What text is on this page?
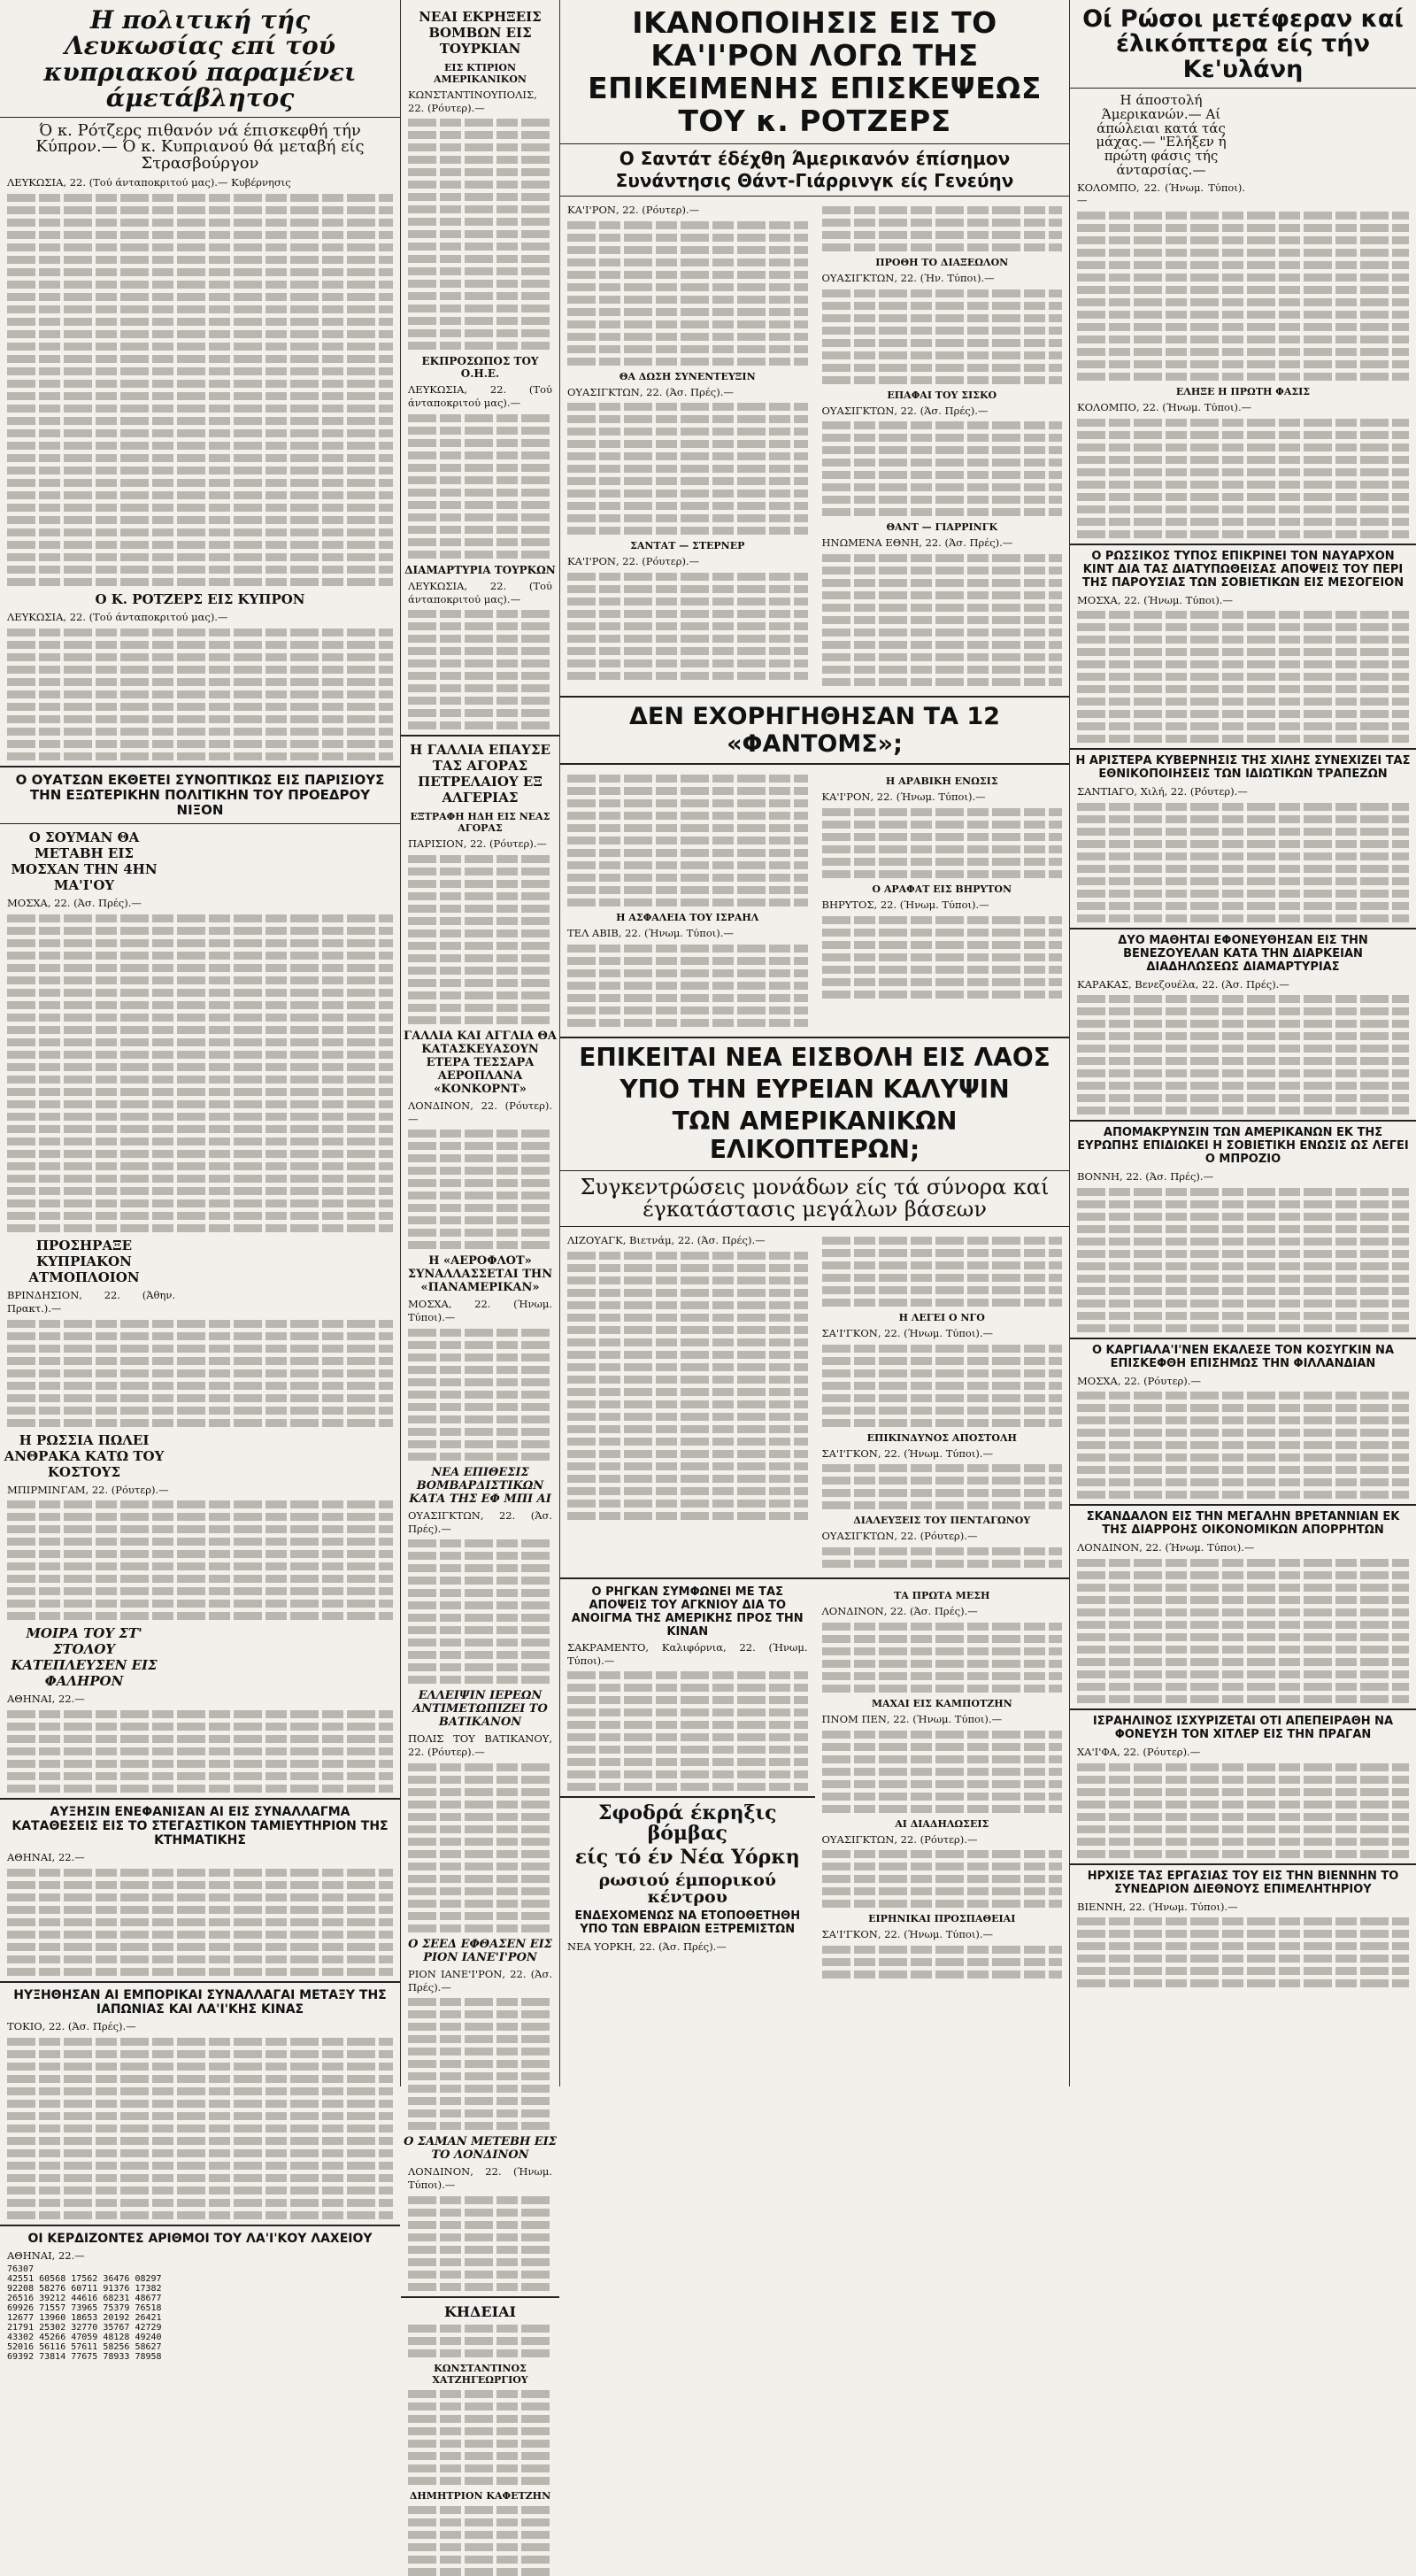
Η πολιτική τής Λευκωσίας επί τού κυπριακού παραμένει άμετάβλητος
Ό κ. Ρότζερς πιθανόν νά έπισκεφθή τήν Κύπρον.— Ό κ. Κυπριανού θά μεταβή είς Στρασβούργον
ΛΕΥΚΩΣΙΑ, 22. (Τού άνταποκριτού μας).— Κυβέρνησις
Ο Κ. ΡΟΤΖΕΡΣ ΕΙΣ ΚΥΠΡΟΝ
ΛΕΥΚΩΣΙΑ, 22. (Τού άνταποκριτού μας).—
Ο ΟΥΑΤΣΩΝ ΕΚΘΕΤΕΙ ΣΥΝΟΠΤΙΚΩΣ ΕΙΣ ΠΑΡΙΣΙΟΥΣ ΤΗΝ ΕΞΩΤΕΡΙΚΗΝ ΠΟΛΙΤΙΚΗΝ ΤΟΥ ΠΡΟΕΔΡΟΥ ΝΙΞΟΝ
Ο ΣΟΥΜΑΝ ΘΑ ΜΕΤΑΒΗ ΕΙΣ ΜΟΣΧΑΝ ΤΗΝ 4ΗΝ ΜΑ'Ι'ΟΥ
ΜΟΣΧΑ, 22. (Άσ. Πρές).—
ΠΡΟΣΗΡΑΞΕ ΚΥΠΡΙΑΚΟΝ ΑΤΜΟΠΛΟΙΟΝ
ΒΡΙΝΔΗΣΙΟΝ, 22. (Άθην. Πρακτ.).—
Η ΡΩΣΣΙΑ ΠΩΛΕΙ ΑΝΘΡΑΚΑ ΚΑΤΩ ΤΟΥ ΚΟΣΤΟΥΣ
ΜΠΙΡΜΙΝΓΑΜ, 22. (Ρόυτερ).—
ΜΟΙΡΑ ΤΟΥ ΣΤ' ΣΤΟΛΟΥ ΚΑΤΕΠΛΕΥΣΕΝ ΕΙΣ ΦΑΛΗΡΟΝ
ΑΘΗΝΑΙ, 22.—
ΑΥΞΗΣΙΝ ΕΝΕΦΑΝΙΣΑΝ ΑΙ ΕΙΣ ΣΥΝΑΛΛΑΓΜΑ ΚΑΤΑΘΕΣΕΙΣ ΕΙΣ ΤΟ ΣΤΕΓΑΣΤΙΚΟΝ ΤΑΜΙΕΥΤΗΡΙΟΝ ΤΗΣ ΚΤΗΜΑΤΙΚΗΣ
ΑΘΗΝΑΙ, 22.—
ΗΥΞΗΘΗΣΑΝ ΑΙ ΕΜΠΟΡΙΚΑΙ ΣΥΝΑΛΛΑΓΑΙ ΜΕΤΑΞΥ ΤΗΣ ΙΑΠΩΝΙΑΣ ΚΑΙ ΛΑ'Ι'ΚΗΣ ΚΙΝΑΣ
ΤΟΚΙΟ, 22. (Άσ. Πρές).—
ΟΙ ΚΕΡΔΙΖΟΝΤΕΣ ΑΡΙΘΜΟΙ ΤΟΥ ΛΑ'Ι'ΚΟΥ ΛΑΧΕΙΟΥ
ΑΘΗΝΑΙ, 22.—
76307				
42551	60568	17562	36476	08297
92208	58276	60711	91376	17382
26516	39212	44616	68231	48677
69926	71557	73965	75379	76518
12677	13960	18653	20192	26421
21791	25302	32770	35767	42729
43302	45266	47059	48128	49240
52016	56116	57611	58256	58627
69392	73814	77675	78933	78958
ΝΕΑΙ ΕΚΡΗΞΕΙΣ ΒΟΜΒΩΝ ΕΙΣ ΤΟΥΡΚΙΑΝ
ΕΙΣ ΚΤΙΡΙΟΝ ΑΜΕΡΙΚΑΝΙΚΟΝ
ΚΩΝΣΤΑΝΤΙΝΟΥΠΟΛΙΣ, 22. (Ρόυτερ).—
ΕΚΠΡΟΣΩΠΟΣ ΤΟΥ Ο.Η.Ε.
ΛΕΥΚΩΣΙΑ, 22. (Τού άνταποκριτού μας).—
ΔΙΑΜΑΡΤΥΡΙΑ ΤΟΥΡΚΩΝ
ΛΕΥΚΩΣΙΑ, 22. (Τού άνταποκριτού μας).—
Η ΓΑΛΛΙΑ ΕΠΑΥΣΕ ΤΑΣ ΑΓΟΡΑΣ ΠΕΤΡΕΛΑΙΟΥ ΕΞ ΑΛΓΕΡΙΑΣ
ΕΞΤΡΑΦΗ ΗΔΗ ΕΙΣ ΝΕΑΣ ΑΓΟΡΑΣ
ΠΑΡΙΣΙΟΝ, 22. (Ρόυτερ).—
ΓΑΛΛΙΑ ΚΑΙ ΑΓΓΛΙΑ ΘΑ ΚΑΤΑΣΚΕΥΑΣΟΥΝ ΕΤΕΡΑ ΤΕΣΣΑΡΑ ΑΕΡΟΠΛΑΝΑ «ΚΟΝΚΟΡΝΤ»
ΛΟΝΔΙΝΟΝ, 22. (Ρόυτερ).—
Η «ΑΕΡΟΦΛΟΤ» ΣΥΝΑΛΛΑΣΣΕΤΑΙ ΤΗΝ «ΠΑΝΑΜΕΡΙΚΑΝ»
ΜΟΣΧΑ, 22. (Ήνωμ. Τύποι).—
ΝΕΑ ΕΠΙΘΕΣΙΣ ΒΟΜΒΑΡΔΙΣΤΙΚΩΝ ΚΑΤΑ ΤΗΣ ΕΦ ΜΠΙ ΑΙ
ΟΥΑΣΙΓΚΤΩΝ, 22. (Άσ. Πρές).—
ΕΛΛΕΙΨΙΝ ΙΕΡΕΩΝ ΑΝΤΙΜΕΤΩΠΙΖΕΙ ΤΟ ΒΑΤΙΚΑΝΟΝ
ΠΟΛΙΣ ΤΟΥ ΒΑΤΙΚΑΝΟΥ, 22. (Ρόυτερ).—
Ο ΣΕΕΔ ΕΦΘΑΣΕΝ ΕΙΣ ΡΙΟΝ ΙΑΝΕ'Ι'ΡΟΝ
ΡΙΟΝ ΙΑΝΕ'Ι'ΡΟΝ, 22. (Άσ. Πρές).—
Ο ΣΑΜΑΝ ΜΕΤΕΒΗ ΕΙΣ ΤΟ ΛΟΝΔΙΝΟΝ
ΛΟΝΔΙΝΟΝ, 22. (Ήνωμ. Τύποι).—
ΚΗΔΕΙΑΙ
ΚΩΝΣΤΑΝΤΙΝΟΣ ΧΑΤΖΗΓΕΩΡΓΙΟΥ
ΔΗΜΗΤΡΙΟΝ ΚΑΦΕΤΖΗΝ
ΙΚΑΝΟΠΟΙΗΣΙΣ ΕΙΣ ΤΟ ΚΑ'Ι'ΡΟΝ ΛΟΓΩ ΤΗΣ ΕΠΙΚΕΙΜΕΝΗΣ ΕΠΙΣΚΕΨΕΩΣ ΤΟΥ κ. ΡΟΤΖΕΡΣ
Ο Σαντάτ έδέχθη Άμερικανόν έπίσημον
Συνάντησις Θάντ-Γιάρρινγκ είς Γενεύην
ΚΑ'Ι'ΡΟΝ, 22. (Ρόυτερ).—
ΘΑ ΔΩΣΗ ΣΥΝΕΝΤΕΥΞΙΝ
ΟΥΑΣΙΓΚΤΩΝ, 22. (Άσ. Πρές).—
ΣΑΝΤΑΤ — ΣΤΕΡΝΕΡ
ΚΑ'Ι'ΡΟΝ, 22. (Ρόυτερ).—
ΠΡΟΘΗ ΤΟ ΔΙΑΞΕΩΛΟΝ
ΟΥΑΣΙΓΚΤΩΝ, 22. (Ήν. Τύποι).—
ΕΠΑΦΑΙ ΤΟΥ ΣΙΣΚΟ
ΟΥΑΣΙΓΚΤΩΝ, 22. (Άσ. Πρές).—
ΘΑΝΤ — ΓΙΑΡΡΙΝΓΚ
ΗΝΩΜΕΝΑ ΕΘΝΗ, 22. (Άσ. Πρές).—
ΔΕΝ ΕΧΟΡΗΓΗΘΗΣΑΝ ΤΑ 12 «ΦΑΝΤΟΜΣ»;
Η ΑΣΦΑΛΕΙΑ ΤΟΥ ΙΣΡΑΗΛ
ΤΕΛ ΑΒΙΒ, 22. (Ήνωμ. Τύποι).—
Η ΑΡΑΒΙΚΗ ΕΝΩΣΙΣ
ΚΑ'Ι'ΡΟΝ, 22. (Ήνωμ. Τύποι).—
Ο ΑΡΑΦΑΤ ΕΙΣ ΒΗΡΥΤΟΝ
ΒΗΡΥΤΟΣ, 22. (Ήνωμ. Τύποι).—
ΕΠΙΚΕΙΤΑΙ ΝΕΑ ΕΙΣΒΟΛΗ ΕΙΣ ΛΑΟΣ
ΥΠΟ ΤΗΝ ΕΥΡΕΙΑΝ ΚΑΛΥΨΙΝ
ΤΩΝ ΑΜΕΡΙΚΑΝΙΚΩΝ ΕΛΙΚΟΠΤΕΡΩΝ;
Συγκεντρώσεις μονάδων είς τά σύνορα καί έγκατάστασις μεγάλων βάσεων
ΛΙΖΟΥΑΓΚ, Βιετνάμ, 22. (Άσ. Πρές).—
Η ΛΕΓΕΙ Ο ΝΓΟ
ΣΑ'Ι'ΓΚΟΝ, 22. (Ήνωμ. Τύποι).—
ΕΠΙΚΙΝΔΥΝΟΣ ΑΠΟΣΤΟΛΗ
ΣΑ'Ι'ΓΚΟΝ, 22. (Ήνωμ. Τύποι).—
ΔΙΑΛΕΥΞΕΙΣ ΤΟΥ ΠΕΝΤΑΓΩΝΟΥ
ΟΥΑΣΙΓΚΤΩΝ, 22. (Ρόυτερ).—
Ο ΡΗΓΚΑΝ ΣΥΜΦΩΝΕΙ ΜΕ ΤΑΣ ΑΠΟΨΕΙΣ ΤΟΥ ΑΓΚΝΙΟΥ ΔΙΑ ΤΟ ΑΝΟΙΓΜΑ ΤΗΣ ΑΜΕΡΙΚΗΣ ΠΡΟΣ ΤΗΝ ΚΙΝΑΝ
ΣΑΚΡΑΜΕΝΤΟ, Καλιφόρνια, 22. (Ήνωμ. Τύποι).—
Σφοδρά έκρηξις βόμβας
είς τό έν Νέα Υόρκη
ρωσιού έμπορικού κέντρου
ΕΝΔΕΧΟΜΕΝΩΣ ΝΑ ΕΤΟΠΟΘΕΤΗΘΗ ΥΠΟ ΤΩΝ ΕΒΡΑΙΩΝ ΕΞΤΡΕΜΙΣΤΩΝ
ΝΕΑ ΥΟΡΚΗ, 22. (Άσ. Πρές).—
ΤΑ ΠΡΩΤΑ ΜΕΣΗ
ΛΟΝΔΙΝΟΝ, 22. (Άσ. Πρές).—
ΜΑΧΑΙ ΕΙΣ ΚΑΜΠΟΤΖΗΝ
ΠΝΟΜ ΠΕΝ, 22. (Ήνωμ. Τύποι).—
ΑΙ ΔΙΑΔΗΛΩΣΕΙΣ
ΟΥΑΣΙΓΚΤΩΝ, 22. (Ρόυτερ).—
ΕΙΡΗΝΙΚΑΙ ΠΡΟΣΠΑΘΕΙΑΙ
ΣΑ'Ι'ΓΚΟΝ, 22. (Ήνωμ. Τύποι).—
Οί Ρώσοι μετέφεραν καί έλικόπτερα είς τήν Κε'υλάνη
Η άποστολή Άμερικανών.— Αί άπώλειαι κατά τάς μάχας.— "Ελήξεν ή πρώτη φάσις τής άνταρσίας.—
ΚΟΛΟΜΠΟ, 22. (Ήνωμ. Τύποι).—
ΕΛΗΞΕ Η ΠΡΩΤΗ ΦΑΣΙΣ
ΚΟΛΟΜΠΟ, 22. (Ήνωμ. Τύποι).—
Ο ΡΩΣΣΙΚΟΣ ΤΥΠΟΣ ΕΠΙΚΡΙΝΕΙ ΤΟΝ ΝΑΥΑΡΧΟΝ ΚΙΝΤ ΔΙΑ ΤΑΣ ΔΙΑΤΥΠΩΘΕΙΣΑΣ ΑΠΟΨΕΙΣ ΤΟΥ ΠΕΡΙ ΤΗΣ ΠΑΡΟΥΣΙΑΣ ΤΩΝ ΣΟΒΙΕΤΙΚΩΝ ΕΙΣ ΜΕΣΟΓΕΙΟΝ
ΜΟΣΧΑ, 22. (Ήνωμ. Τύποι).—
Η ΑΡΙΣΤΕΡΑ ΚΥΒΕΡΝΗΣΙΣ ΤΗΣ ΧΙΛΗΣ ΣΥΝΕΧΙΖΕΙ ΤΑΣ ΕΘΝΙΚΟΠΟΙΗΣΕΙΣ ΤΩΝ ΙΔΙΩΤΙΚΩΝ ΤΡΑΠΕΖΩΝ
ΣΑΝΤΙΑΓΟ, Χιλή, 22. (Ρόυτερ).—
ΔΥΟ ΜΑΘΗΤΑΙ ΕΦΟΝΕΥΘΗΣΑΝ ΕΙΣ ΤΗΝ ΒΕΝΕΖΟΥΕΛΑΝ ΚΑΤΑ ΤΗΝ ΔΙΑΡΚΕΙΑΝ ΔΙΑΔΗΛΩΣΕΩΣ ΔΙΑΜΑΡΤΥΡΙΑΣ
ΚΑΡΑΚΑΣ, Βενεζουέλα, 22. (Άσ. Πρές).—
ΑΠΟΜΑΚΡΥΝΣΙΝ ΤΩΝ ΑΜΕΡΙΚΑΝΩΝ ΕΚ ΤΗΣ ΕΥΡΩΠΗΣ ΕΠΙΔΙΩΚΕΙ Η ΣΟΒΙΕΤΙΚΗ ΕΝΩΣΙΣ ΩΣ ΛΕΓΕΙ Ο ΜΠΡΟΖΙΟ
ΒΟΝΝΗ, 22. (Άσ. Πρές).—
Ο ΚΑΡΓΙΑΛΑ'Ι'ΝΕΝ ΕΚΑΛΕΣΕ ΤΟΝ ΚΟΣΥΓΚΙΝ ΝΑ ΕΠΙΣΚΕΦΘΗ ΕΠΙΣΗΜΩΣ ΤΗΝ ΦΙΛΛΑΝΔΙΑΝ
ΜΟΣΧΑ, 22. (Ρόυτερ).—
ΣΚΑΝΔΑΛΟΝ ΕΙΣ ΤΗΝ ΜΕΓΑΛΗΝ ΒΡΕΤΑΝΝΙΑΝ ΕΚ ΤΗΣ ΔΙΑΡΡΟΗΣ ΟΙΚΟΝΟΜΙΚΩΝ ΑΠΟΡΡΗΤΩΝ
ΛΟΝΔΙΝΟΝ, 22. (Ήνωμ. Τύποι).—
ΙΣΡΑΗΛΙΝΟΣ ΙΣΧΥΡΙΖΕΤΑΙ ΟΤΙ ΑΠΕΠΕΙΡΑΘΗ ΝΑ ΦΟΝΕΥΣΗ ΤΟΝ ΧΙΤΛΕΡ ΕΙΣ ΤΗΝ ΠΡΑΓΑΝ
ΧΑ'Ι'ΦΑ, 22. (Ρόυτερ).—
ΗΡΧΙΣΕ ΤΑΣ ΕΡΓΑΣΙΑΣ ΤΟΥ ΕΙΣ ΤΗΝ ΒΙΕΝΝΗΝ ΤΟ ΣΥΝΕΔΡΙΟΝ ΔΙΕΘΝΟΥΣ ΕΠΙΜΕΛΗΤΗΡΙΟΥ
ΒΙΕΝΝΗ, 22. (Ήνωμ. Τύποι).—
